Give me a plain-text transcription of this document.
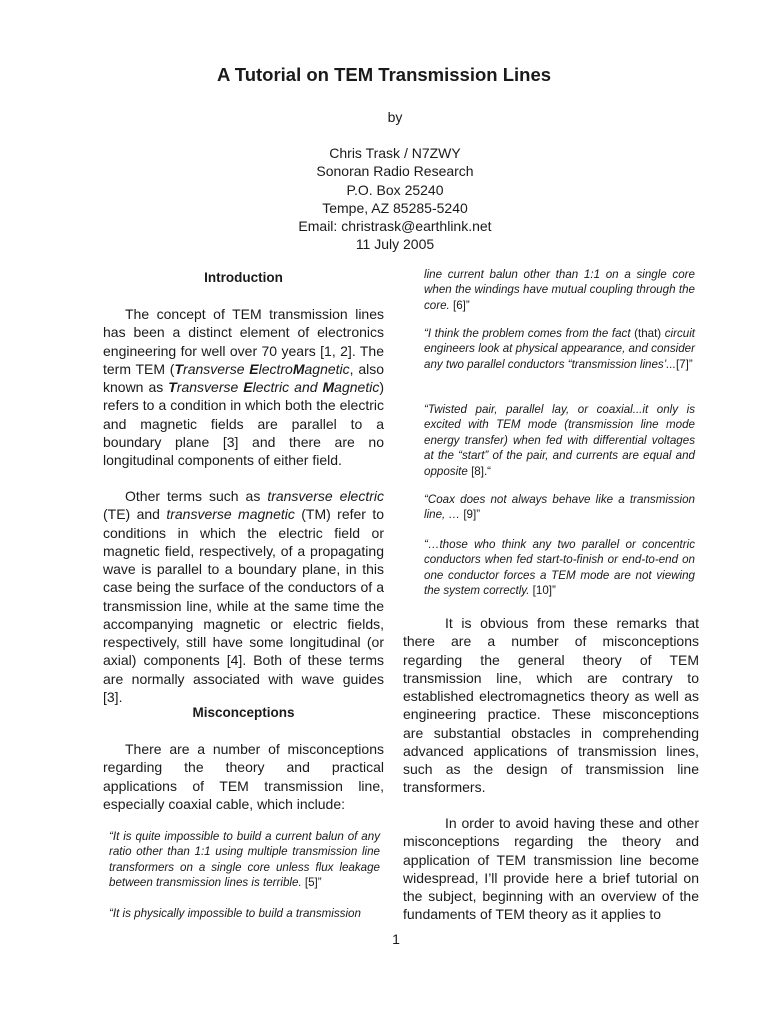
A Tutorial on TEM Transmission Lines
by
Chris Trask / N7ZWY
Sonoran Radio Research
P.O. Box 25240
Tempe, AZ 85285-5240
Email: christrask@earthlink.net
11 July 2005
Introduction

The concept of TEM transmission lines has been a distinct element of electronics engineering for well over 70 years [1, 2]. The term TEM (Transverse ElectroMagnetic, also known as Transverse Electric and Magnetic) refers to a condition in which both the electric and magnetic fields are parallel to a boundary plane [3] and there are no longitudinal components of either field.

Other terms such as transverse electric (TE) and transverse magnetic (TM) refer to conditions in which the electric field or magnetic field, respectively, of a propagating wave is parallel to a boundary plane, in this case being the surface of the conductors of a transmission line, while at the same time the accompanying magnetic or electric fields, respectively, still have some longitudinal (or axial) components [4]. Both of these terms are normally associated with wave guides [3].

Misconceptions

There are a number of misconceptions regarding the theory and practical applications of TEM transmission line, especially coaxial cable, which include:

“It is quite impossible to build a current balun of any ratio other than 1:1 using multiple transmission line transformers on a single core unless flux leakage between transmission lines is terrible. [5]”

“It is physically impossible to build a transmission

line current balun other than 1:1 on a single core when the windings have mutual coupling through the core. [6]”

“I think the problem comes from the fact (that) circuit engineers look at physical appearance, and consider any two parallel conductors “transmission lines’...[7]”

“Twisted pair, parallel lay, or coaxial...it only is excited with TEM mode (transmission line mode energy transfer) when fed with differential voltages at the “start” of the pair, and currents are equal and opposite [8].“

“Coax does not always behave like a transmission line, … [9]”

“…those who think any two parallel or concentric conductors when fed start-to-finish or end-to-end on one conductor forces a TEM mode are not viewing the system correctly. [10]”

It is obvious from these remarks that there are a number of misconceptions regarding the general theory of TEM transmission line, which are contrary to established electromagnetics theory as well as engineering practice. These misconceptions are substantial obstacles in comprehending advanced applications of transmission lines, such as the design of transmission line transformers.

In order to avoid having these and other misconceptions regarding the theory and application of TEM transmission line become widespread, I’ll provide here a brief tutorial on the subject, beginning with an overview of the fundaments of TEM theory as it applies to

1
